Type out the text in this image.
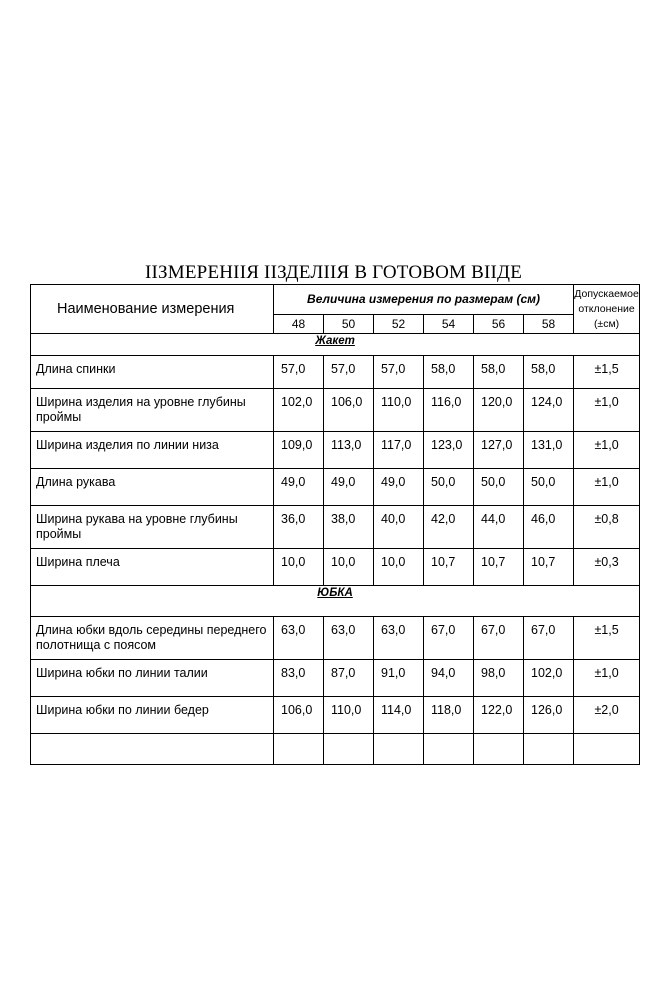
IIЗМЕРЕНIIЯ IIЗДЕЛIIЯ В ГОТОВОМ ВIIДЕ
Наименование измерения	Величина измерения по размерам (см)						Допускаемое отклонение (±см)
	48	50	52	54	56	58	
Жакет							
Длина спинки	57,0	57,0	57,0	58,0	58,0	58,0	±1,5
Ширина изделия на уровне глубины проймы	102,0	106,0	110,0	116,0	120,0	124,0	±1,0
Ширина изделия по линии низа	109,0	113,0	117,0	123,0	127,0	131,0	±1,0
Длина рукава	49,0	49,0	49,0	50,0	50,0	50,0	±1,0
Ширина рукава на уровне глубины проймы	36,0	38,0	40,0	42,0	44,0	46,0	±0,8
Ширина плеча	10,0	10,0	10,0	10,7	10,7	10,7	±0,3
ЮБКА							
Длина юбки вдоль середины переднего полотнища с поясом	63,0	63,0	63,0	67,0	67,0	67,0	±1,5
Ширина юбки по линии талии	83,0	87,0	91,0	94,0	98,0	102,0	±1,0
Ширина юбки по линии бедер	106,0	110,0	114,0	118,0	122,0	126,0	±2,0
